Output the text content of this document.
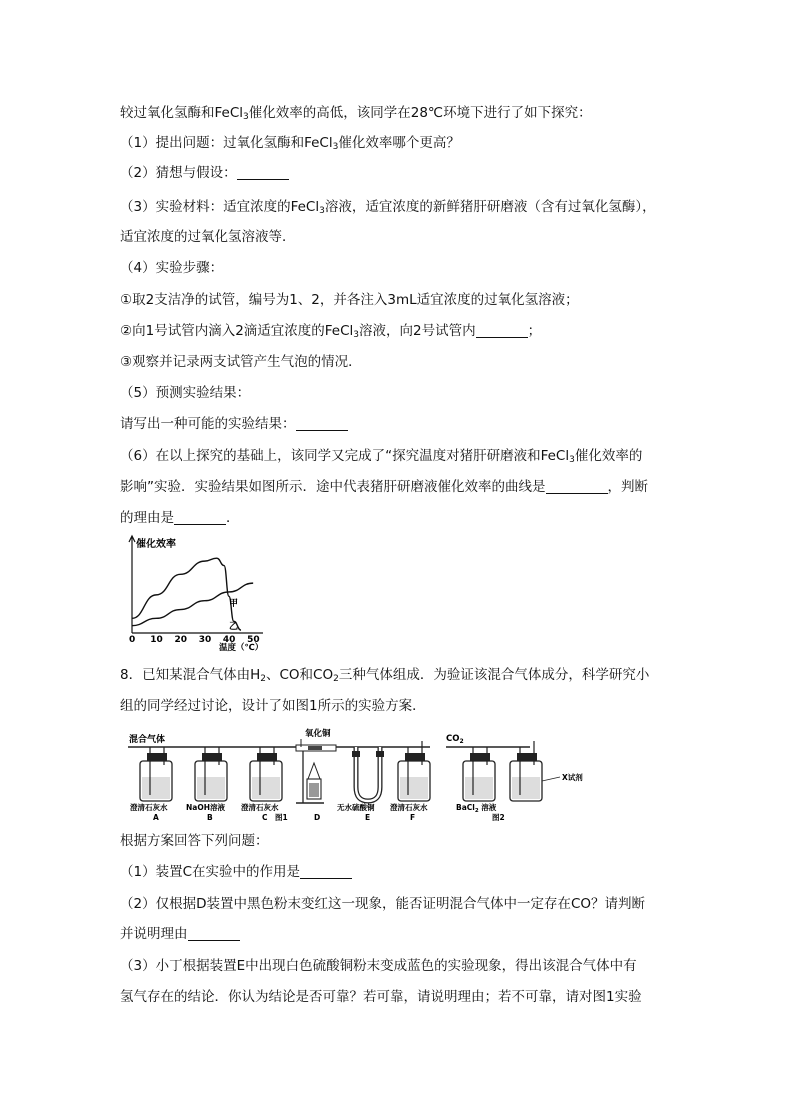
较过氧化氢酶和FeCl$_3$催化效率的高低，该同学在28℃环境下进行了如下探究：
（1）提出问题：过氧化氢酶和FeCl$_3$催化效率哪个更高？
（2）猜想与假设：
（3）实验材料：适宜浓度的FeCl$_3$溶液，适宜浓度的新鲜猪肝研磨液（含有过氧化氢酶），
适宜浓度的过氧化氢溶液等．
（4）实验步骤：
①取2支洁净的试管，编号为1、2，并各注入3mL适宜浓度的过氧化氢溶液；
②向1号试管内滴入2滴适宜浓度的FeCl$_3$溶液，向2号试管内	；
③观察并记录两支试管产生气泡的情况．
（5）预测实验结果：
请写出一种可能的实验结果：
（6）在以上探究的基础上，该同学又完成了“探究温度对猪肝研磨液和FeCl$_3$催化效率的
影响”实验．实验结果如图所示．途中代表猪肝研磨液催化效率的曲线是	，判断
的理由是	．
催化效率
温度（℃）
0 10 20 30 40 50
甲
乙
8．已知某混合气体由$H_2$、CO和$CO_2$三种气体组成．为验证该混合气体成分，科学研究小
组的同学经过讨论，设计了如图1所示的实验方案．
混合气体
氧化铜
澄清石灰水 NaOH溶液 澄清石灰水	无水硫酸铜 澄清石灰水
A	B	C	D	E	F
图1
$CO_2$
X试剂
BaCl$_2$ 溶液
图2
根据方案回答下列问题：
（1）装置C在实验中的作用是
（2）仅根据D装置中黑色粉末变红这一现象，能否证明混合气体中一定存在CO？请判断
并说明理由
（3）小丁根据装置E中出现白色硫酸铜粉末变成蓝色的实验现象，得出该混合气体中有
氢气存在的结论．你认为结论是否可靠？若可靠，请说明理由；若不可靠，请对图1实验
